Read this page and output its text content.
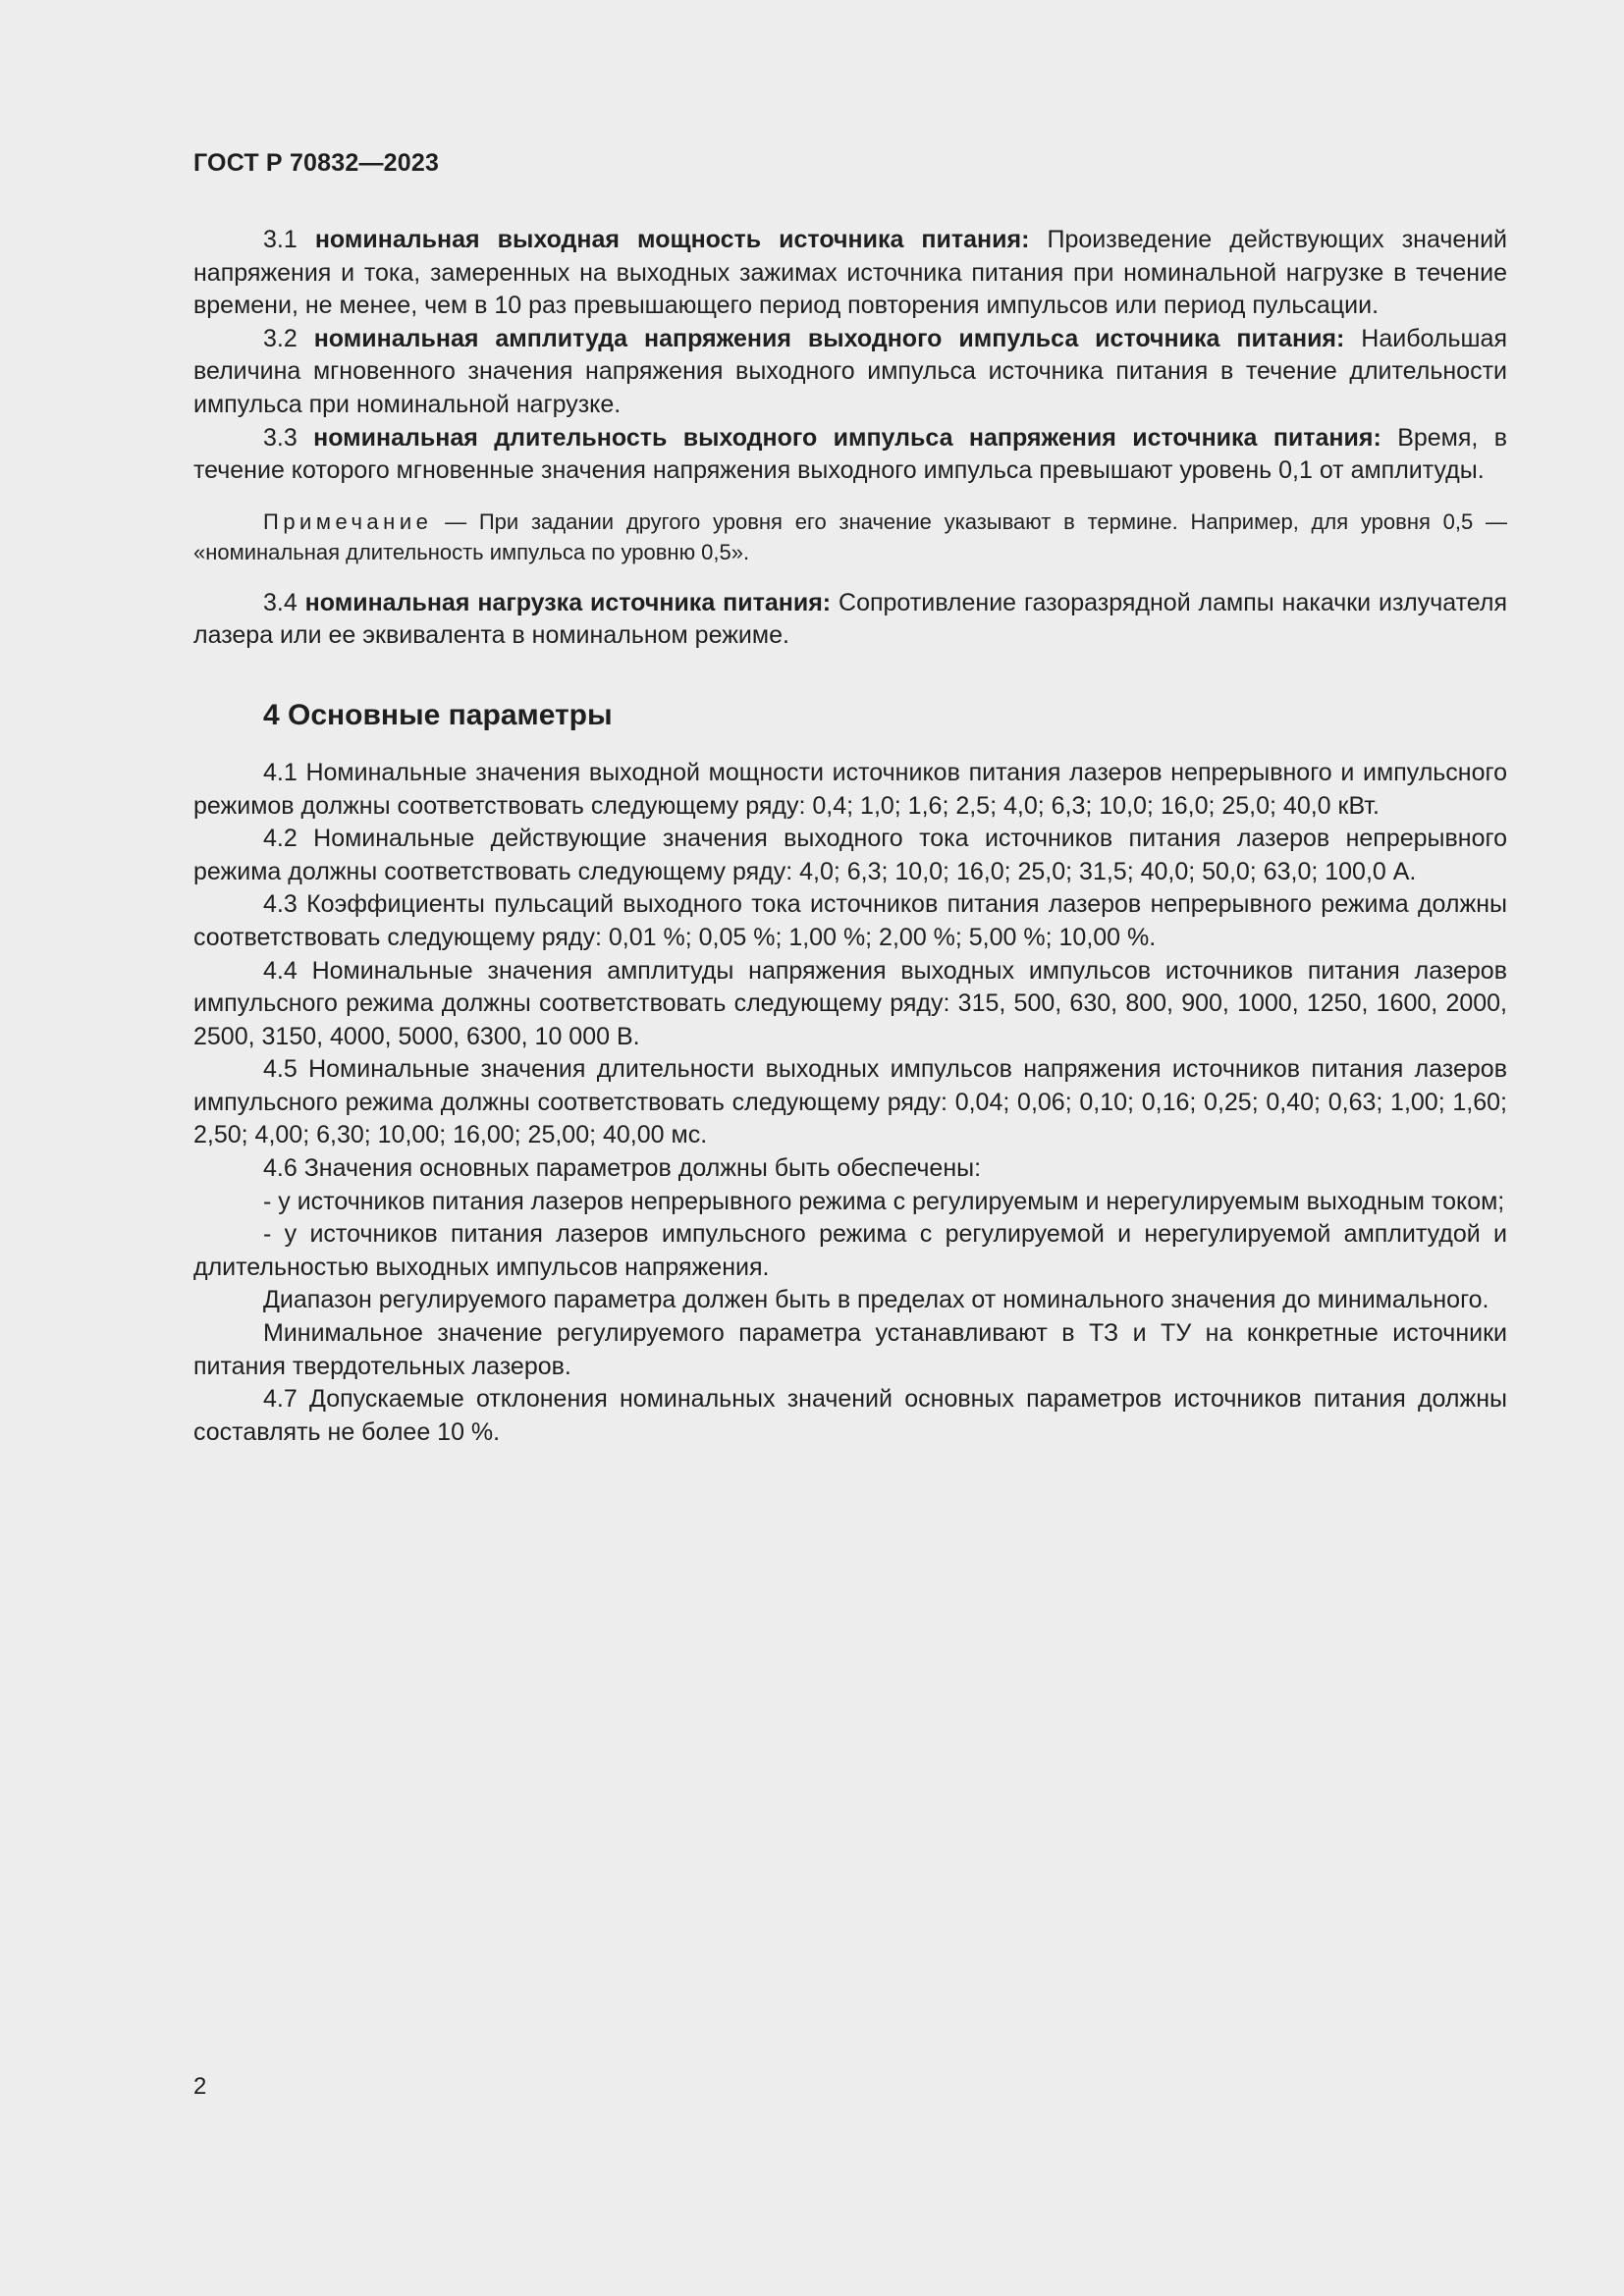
ГОСТ Р 70832—2023

3.1 номинальная выходная мощность источника питания: Произведение действующих значений напряжения и тока, замеренных на выходных зажимах источника питания при номинальной нагрузке в течение времени, не менее, чем в 10 раз превышающего период повторения импульсов или период пульсации.

3.2 номинальная амплитуда напряжения выходного импульса источника питания: Наибольшая величина мгновенного значения напряжения выходного импульса источника питания в течение длительности импульса при номинальной нагрузке.

3.3 номинальная длительность выходного импульса напряжения источника питания: Время, в течение которого мгновенные значения напряжения выходного импульса превышают уровень 0,1 от амплитуды.

Примечание — При задании другого уровня его значение указывают в термине. Например, для уровня 0,5 — «номинальная длительность импульса по уровню 0,5».

3.4 номинальная нагрузка источника питания: Сопротивление газоразрядной лампы накачки излучателя лазера или ее эквивалента в номинальном режиме.

4 Основные параметры

4.1 Номинальные значения выходной мощности источников питания лазеров непрерывного и импульсного режимов должны соответствовать следующему ряду: 0,4; 1,0; 1,6; 2,5; 4,0; 6,3; 10,0; 16,0; 25,0; 40,0 кВт.

4.2 Номинальные действующие значения выходного тока источников питания лазеров непрерывного режима должны соответствовать следующему ряду: 4,0; 6,3; 10,0; 16,0; 25,0; 31,5; 40,0; 50,0; 63,0; 100,0 А.

4.3 Коэффициенты пульсаций выходного тока источников питания лазеров непрерывного режима должны соответствовать следующему ряду: 0,01 %; 0,05 %; 1,00 %; 2,00 %; 5,00 %; 10,00 %.

4.4 Номинальные значения амплитуды напряжения выходных импульсов источников питания лазеров импульсного режима должны соответствовать следующему ряду: 315, 500, 630, 800, 900, 1000, 1250, 1600, 2000, 2500, 3150, 4000, 5000, 6300, 10 000 В.

4.5 Номинальные значения длительности выходных импульсов напряжения источников питания лазеров импульсного режима должны соответствовать следующему ряду: 0,04; 0,06; 0,10; 0,16; 0,25; 0,40; 0,63; 1,00; 1,60; 2,50; 4,00; 6,30; 10,00; 16,00; 25,00; 40,00 мс.

4.6 Значения основных параметров должны быть обеспечены:

- у источников питания лазеров непрерывного режима с регулируемым и нерегулируемым выходным током;

- у источников питания лазеров импульсного режима с регулируемой и нерегулируемой амплитудой и длительностью выходных импульсов напряжения.

Диапазон регулируемого параметра должен быть в пределах от номинального значения до минимального.

Минимальное значение регулируемого параметра устанавливают в ТЗ и ТУ на конкретные источники питания твердотельных лазеров.

4.7 Допускаемые отклонения номинальных значений основных параметров источников питания должны составлять не более 10 %.

2
